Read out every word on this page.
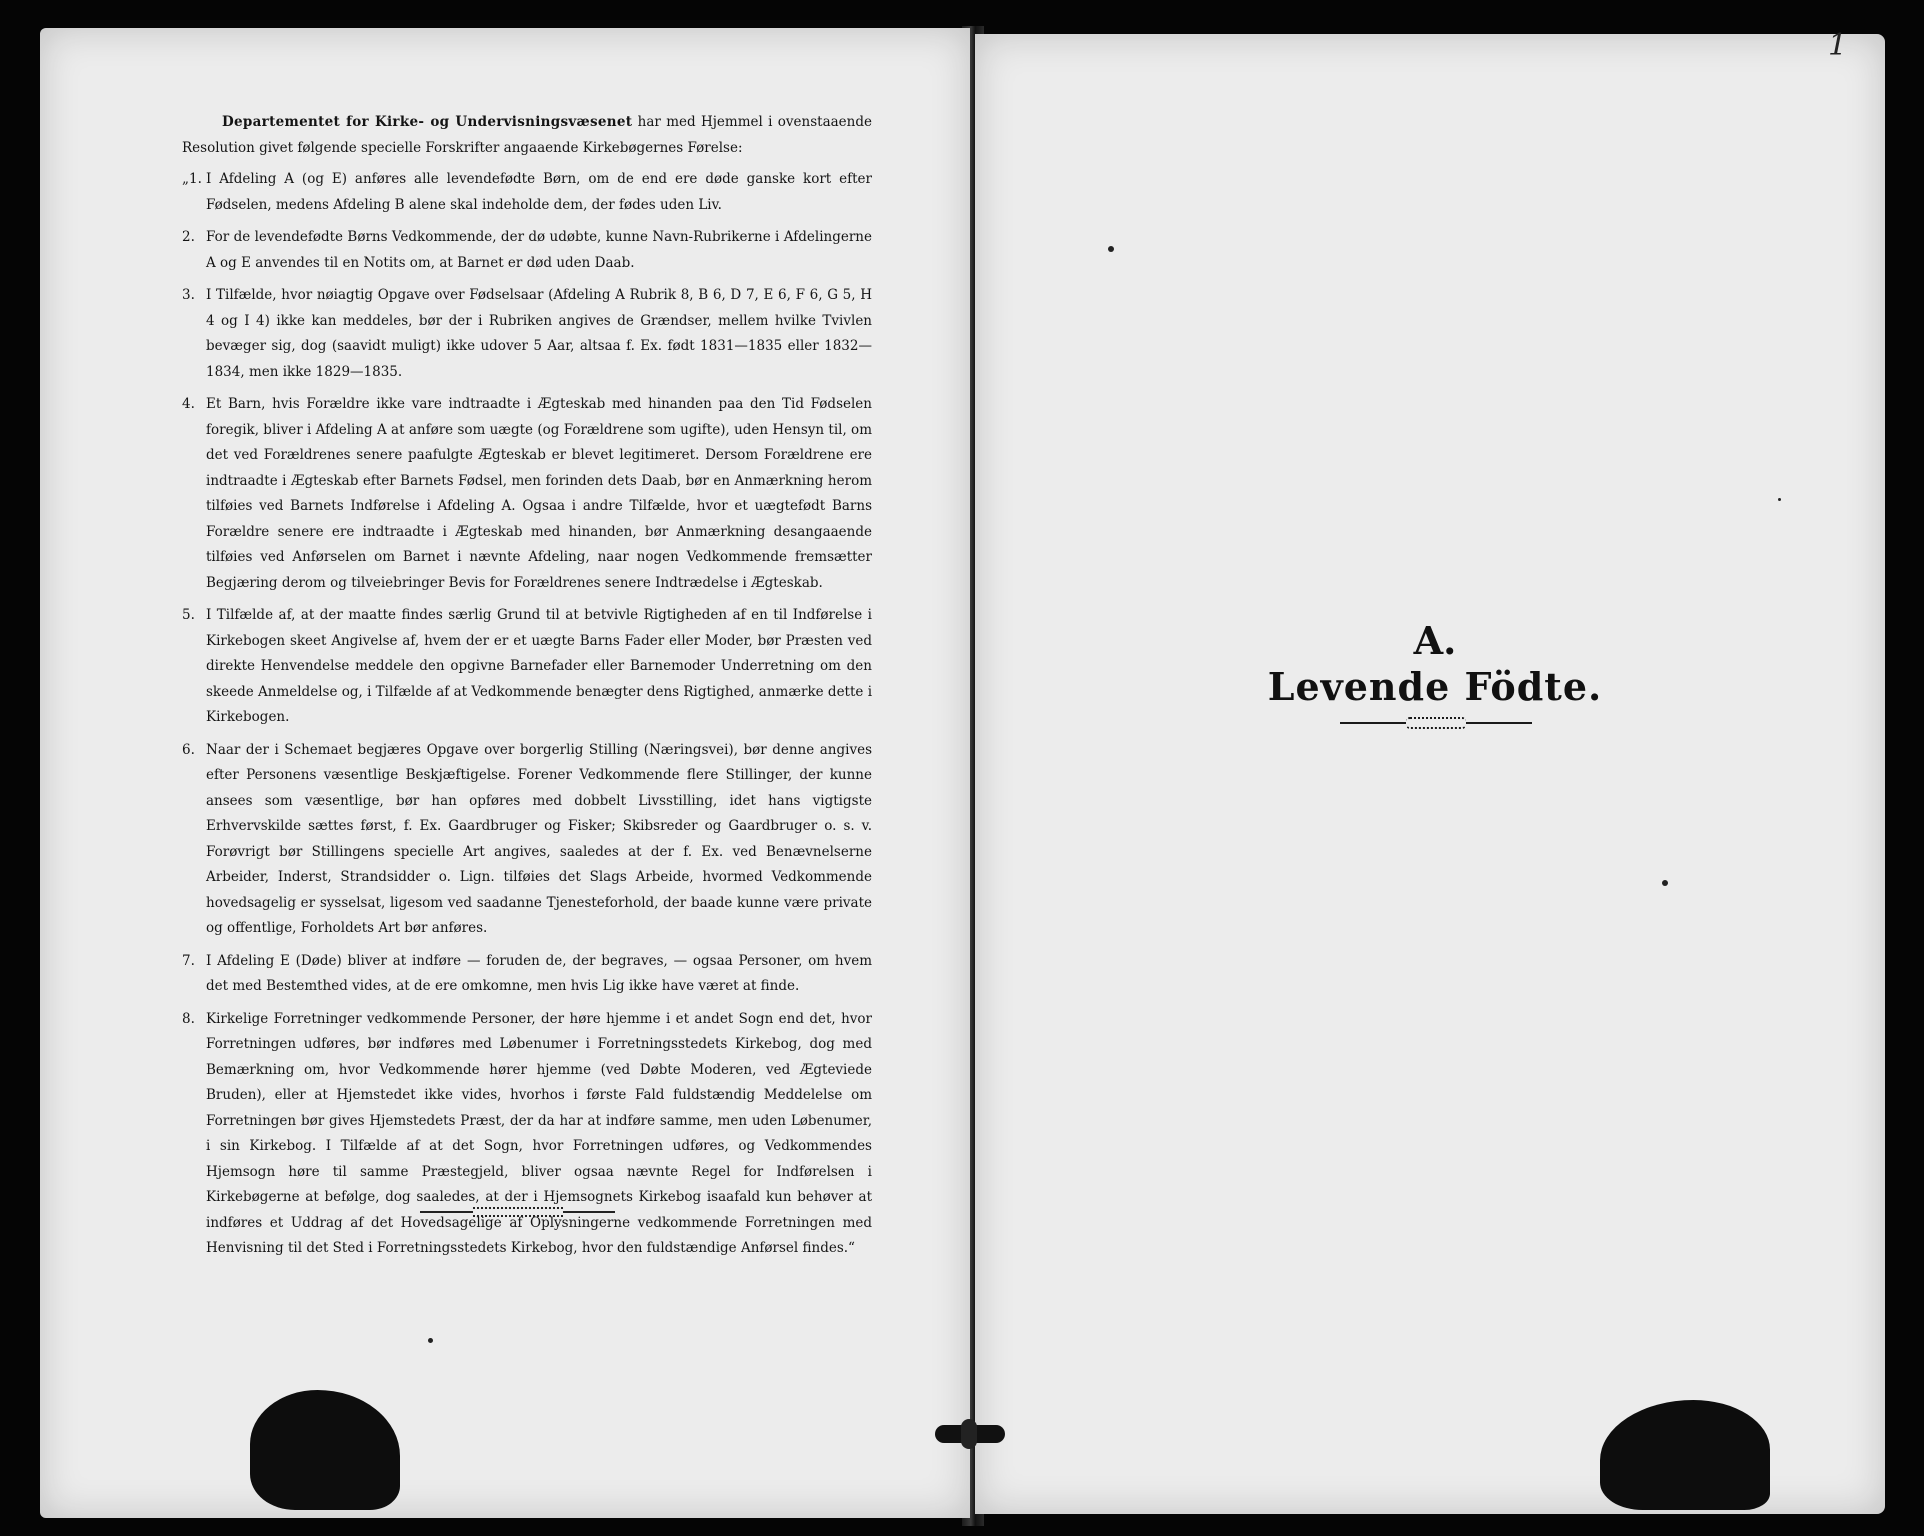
Departementet for Kirke- og Undervisningsvæsenet har med Hjemmel i ovenstaaende Resolution givet følgende specielle Forskrifter angaaende Kirkebøgernes Førelse:

„1. I Afdeling A (og E) anføres alle levendefødte Børn, om de end ere døde ganske kort efter Fødselen, medens Afdeling B alene skal indeholde dem, der fødes uden Liv.
2. For de levendefødte Børns Vedkommende, der dø udøbte, kunne Navn-Rubrikerne i Afdelingerne A og E anvendes til en Notits om, at Barnet er død uden Daab.
3. I Tilfælde, hvor nøiagtig Opgave over Fødselsaar (Afdeling A Rubrik 8, B 6, D 7, E 6, F 6, G 5, H 4 og I 4) ikke kan meddeles, bør der i Rubriken angives de Grændser, mellem hvilke Tvivlen bevæger sig, dog (saavidt muligt) ikke udover 5 Aar, altsaa f. Ex. født 1831—1835 eller 1832—1834, men ikke 1829—1835.
4. Et Barn, hvis Forældre ikke vare indtraadte i Ægteskab med hinanden paa den Tid Fødselen foregik, bliver i Afdeling A at anføre som uægte (og Forældrene som ugifte), uden Hensyn til, om det ved Forældrenes senere paafulgte Ægteskab er blevet legitimeret. Dersom Forældrene ere indtraadte i Ægteskab efter Barnets Fødsel, men forinden dets Daab, bør en Anmærkning herom tilføies ved Barnets Indførelse i Afdeling A. Ogsaa i andre Tilfælde, hvor et uægtefødt Barns Forældre senere ere indtraadte i Ægteskab med hinanden, bør Anmærkning desangaaende tilføies ved Anførselen om Barnet i nævnte Afdeling, naar nogen Vedkommende fremsætter Begjæring derom og tilveiebringer Bevis for Forældrenes senere Indtrædelse i Ægteskab.
5. I Tilfælde af, at der maatte findes særlig Grund til at betvivle Rigtigheden af en til Indførelse i Kirkebogen skeet Angivelse af, hvem der er et uægte Barns Fader eller Moder, bør Præsten ved direkte Henvendelse meddele den opgivne Barnefader eller Barnemoder Underretning om den skeede Anmeldelse og, i Tilfælde af at Vedkommende benægter dens Rigtighed, anmærke dette i Kirkebogen.
6. Naar der i Schemaet begjæres Opgave over borgerlig Stilling (Næringsvei), bør denne angives efter Personens væsentlige Beskjæftigelse. Forener Vedkommende flere Stillinger, der kunne ansees som væsentlige, bør han opføres med dobbelt Livsstilling, idet hans vigtigste Erhvervskilde sættes først, f. Ex. Gaardbruger og Fisker; Skibsreder og Gaardbruger o. s. v. Forøvrigt bør Stillingens specielle Art angives, saaledes at der f. Ex. ved Benævnelserne Arbeider, Inderst, Strandsidder o. Lign. tilføies det Slags Arbeide, hvormed Vedkommende hovedsagelig er sysselsat, ligesom ved saadanne Tjenesteforhold, der baade kunne være private og offentlige, Forholdets Art bør anføres.
7. I Afdeling E (Døde) bliver at indføre — foruden de, der begraves, — ogsaa Personer, om hvem det med Bestemthed vides, at de ere omkomne, men hvis Lig ikke have været at finde.
8. Kirkelige Forretninger vedkommende Personer, der høre hjemme i et andet Sogn end det, hvor Forretningen udføres, bør indføres med Løbenumer i Forretningsstedets Kirkebog, dog med Bemærkning om, hvor Vedkommende hører hjemme (ved Døbte Moderen, ved Ægteviede Bruden), eller at Hjemstedet ikke vides, hvorhos i første Fald fuldstændig Meddelelse om Forretningen bør gives Hjemstedets Præst, der da har at indføre samme, men uden Løbenumer, i sin Kirkebog. I Tilfælde af at det Sogn, hvor Forretningen udføres, og Vedkommendes Hjemsogn høre til samme Præstegjeld, bliver ogsaa nævnte Regel for Indførelsen i Kirkebøgerne at befølge, dog saaledes, at der i Hjemsognets Kirkebog isaafald kun behøver at indføres et Uddrag af det Hovedsagelige af Oplysningerne vedkommende Forretningen med Henvisning til det Sted i Forretningsstedets Kirkebog, hvor den fuldstændige Anførsel findes.“
1
A.
Levende Födte.
